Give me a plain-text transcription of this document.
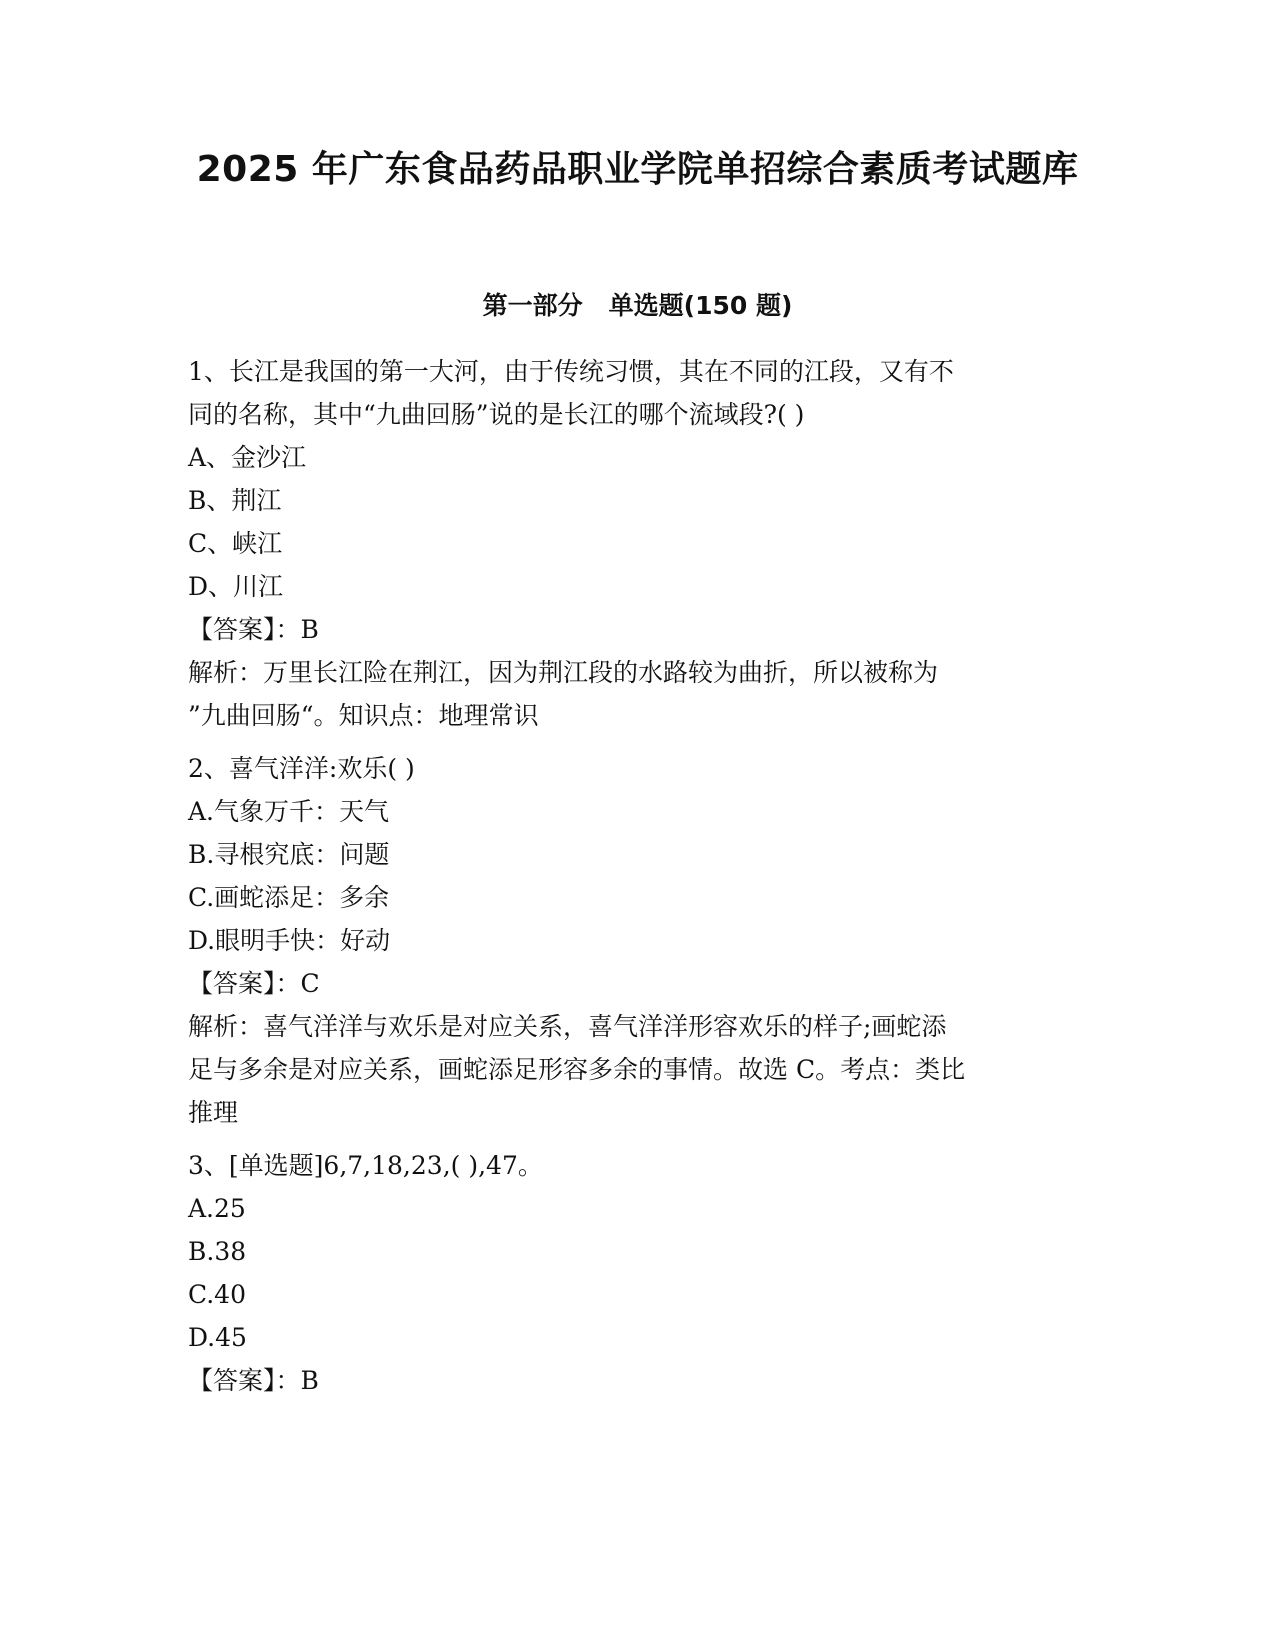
2025 年广东食品药品职业学院单招综合素质考试题库
第一部分   单选题(150 题)
1、长江是我国的第一大河，由于传统习惯，其在不同的江段，又有不
同的名称，其中“九曲回肠”说的是长江的哪个流域段?( )
A、金沙江
B、荆江
C、峡江
D、川江
【答案】：B
解析：万里长江险在荆江，因为荆江段的水路较为曲折，所以被称为
”九曲回肠“。知识点：地理常识
2、喜气洋洋:欢乐( )
A.气象万千：天气
B.寻根究底：问题
C.画蛇添足：多余
D.眼明手快：好动
【答案】：C
解析：喜气洋洋与欢乐是对应关系，喜气洋洋形容欢乐的样子;画蛇添
足与多余是对应关系，画蛇添足形容多余的事情。故选 C。考点：类比
推理
3、[单选题]6,7,18,23,( ),47。
A.25
B.38
C.40
D.45
【答案】：B
